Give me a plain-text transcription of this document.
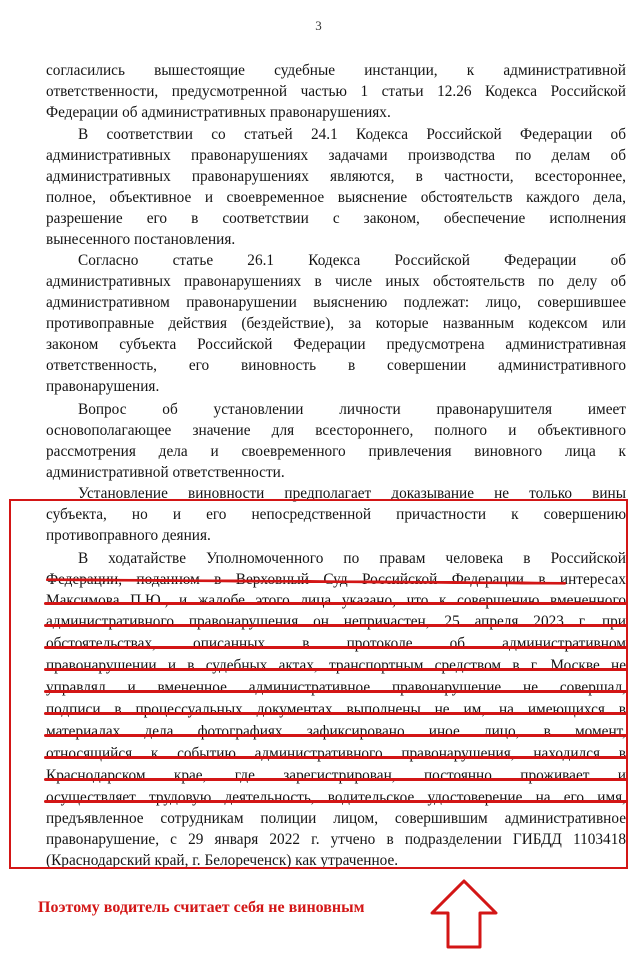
3
согласились вышестоящие судебные инстанции, к административной
ответственности, предусмотренной частью 1 статьи 12.26 Кодекса Российской
Федерации об административных правонарушениях.
В соответствии со статьей 24.1 Кодекса Российской Федерации об
административных правонарушениях задачами производства по делам об
административных правонарушениях являются, в частности, всестороннее,
полное, объективное и своевременное выяснение обстоятельств каждого дела,
разрешение его в соответствии с законом, обеспечение исполнения
вынесенного постановления.
Согласно статье 26.1 Кодекса Российской Федерации об
административных правонарушениях в числе иных обстоятельств по делу об
административном правонарушении выяснению подлежат: лицо, совершившее
противоправные действия (бездействие), за которые названным кодексом или
законом субъекта Российской Федерации предусмотрена административная
ответственность, его виновность в совершении административного
правонарушения.
Вопрос об установлении личности правонарушителя имеет
основополагающее значение для всестороннего, полного и объективного
рассмотрения дела и своевременного привлечения виновного лица к
административной ответственности.
Установление виновности предполагает доказывание не только вины
субъекта, но и его непосредственной причастности к совершению
противоправного деяния.
В ходатайстве Уполномоченного по правам человека в Российской
Федерации, поданном в Верховный Суд Российской Федерации в интересах
Максимова П.Ю., и жалобе этого лица указано, что к совершению вмененного
административного правонарушения он непричастен, 25 апреля 2023 г. при
обстоятельствах, описанных в протоколе об административном
правонарушении и в судебных актах, транспортным средством в г. Москве не
управлял и вмененное административное правонарушение не совершал,
подписи в процессуальных документах выполнены не им, на имеющихся в
материалах дела фотографиях зафиксировано иное лицо, в момент,
относящийся к событию административного правонарушения, находился в
Краснодарском крае, где зарегистрирован, постоянно проживает и
осуществляет трудовую деятельность, водительское удостоверение на его имя,
предъявленное сотрудникам полиции лицом, совершившим административное
правонарушение, с 29 января 2022 г. утчено в подразделении ГИБДД 1103418
(Краснодарский край, г. Белореченск) как утраченное.
Поэтому водитель считает себя не виновным
